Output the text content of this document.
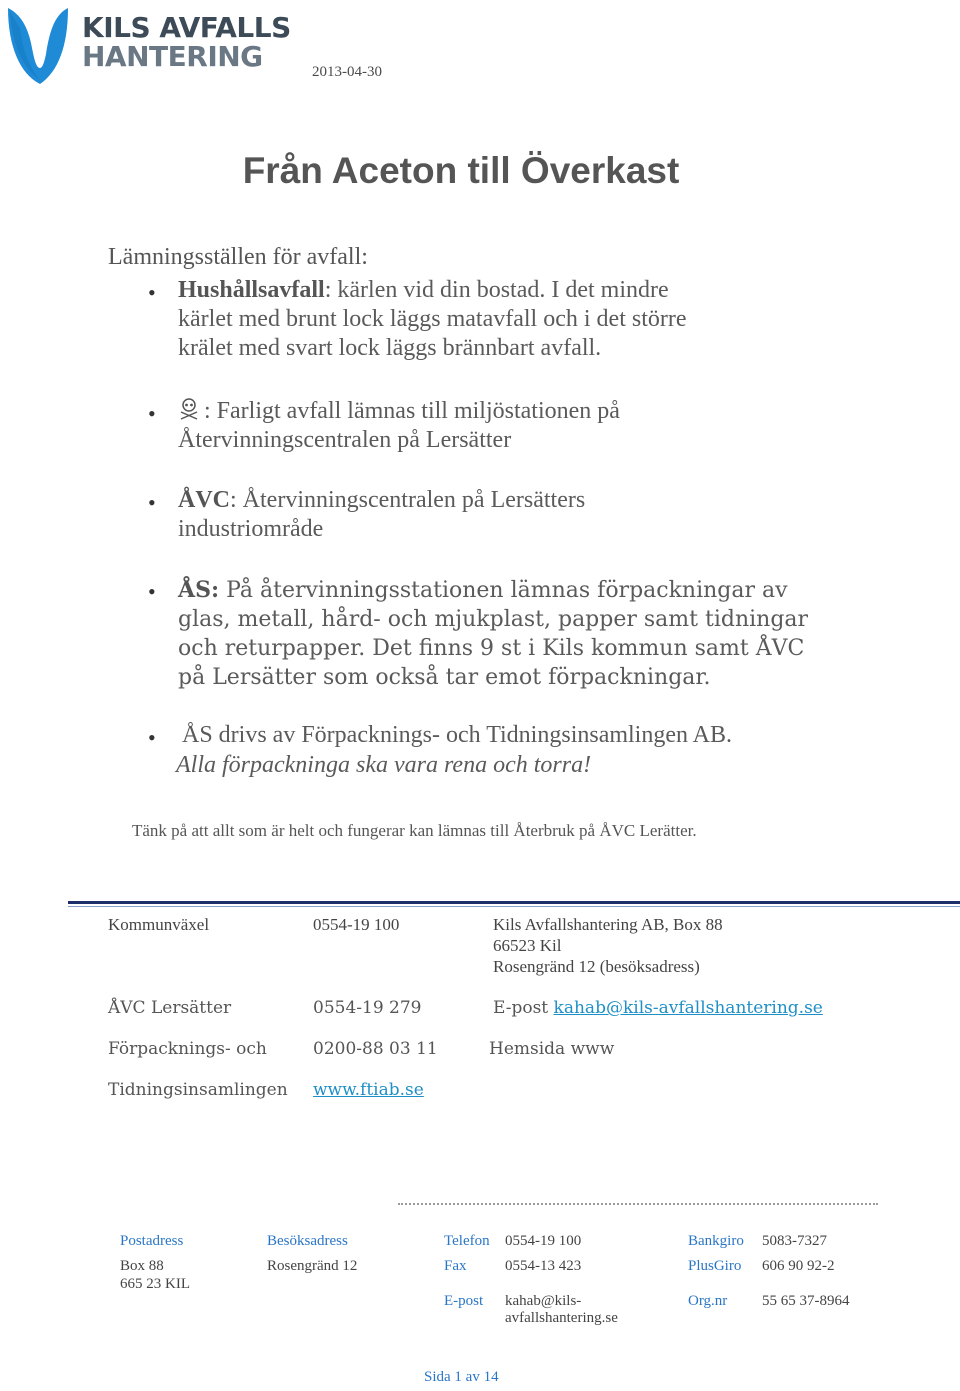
KILS AVFALLS
HANTERING	2013-04-30
Från Aceton till Överkast
Lämningsställen för avfall:
• Hushållsavfall: kärlen vid din bostad. I det mindre
kärlet med brunt lock läggs matavfall och i det större
krälet med svart lock läggs brännbart avfall.
•	: Farligt avfall lämnas till miljöstationen på
Återvinningscentralen på Lersätter
• ÅVC: Återvinningscentralen på Lersätters
industriområde
• ÅS: På återvinningsstationen lämnas förpackningar av
glas, metall, hård- och mjukplast, papper samt tidningar
och returpapper. Det finns 9 st i Kils kommun samt ÅVC
på Lersätter som också tar emot förpackningar.
• ÅS drivs av Förpacknings- och Tidningsinsamlingen AB.
Alla förpackninga ska vara rena och torra!
Tänk på att allt som är helt och fungerar kan lämnas till Återbruk på ÅVC Lerätter.
Kommunväxel	0554-19 100	Kils Avfallshantering AB, Box 88
66523 Kil
Rosengränd 12 (besöksadress)
ÅVC Lersätter	0554-19 279	E-post kahab@kils-avfallshantering.se
Förpacknings- och	0200-88 03 11	Hemsida www
Tidningsinsamlingen www.ftiab.se
Postadress
Box 88
665 23 KIL
Besöksadress
Rosengränd 12
Telefon 0554-19 100
Fax	0554-13 423
E-post kahab@kils-
avfallshantering.se
Bankgiro 5083-7327
PlusGiro 606 90 92-2
Org.nr 55 65 37-8964
Sida 1 av 14
